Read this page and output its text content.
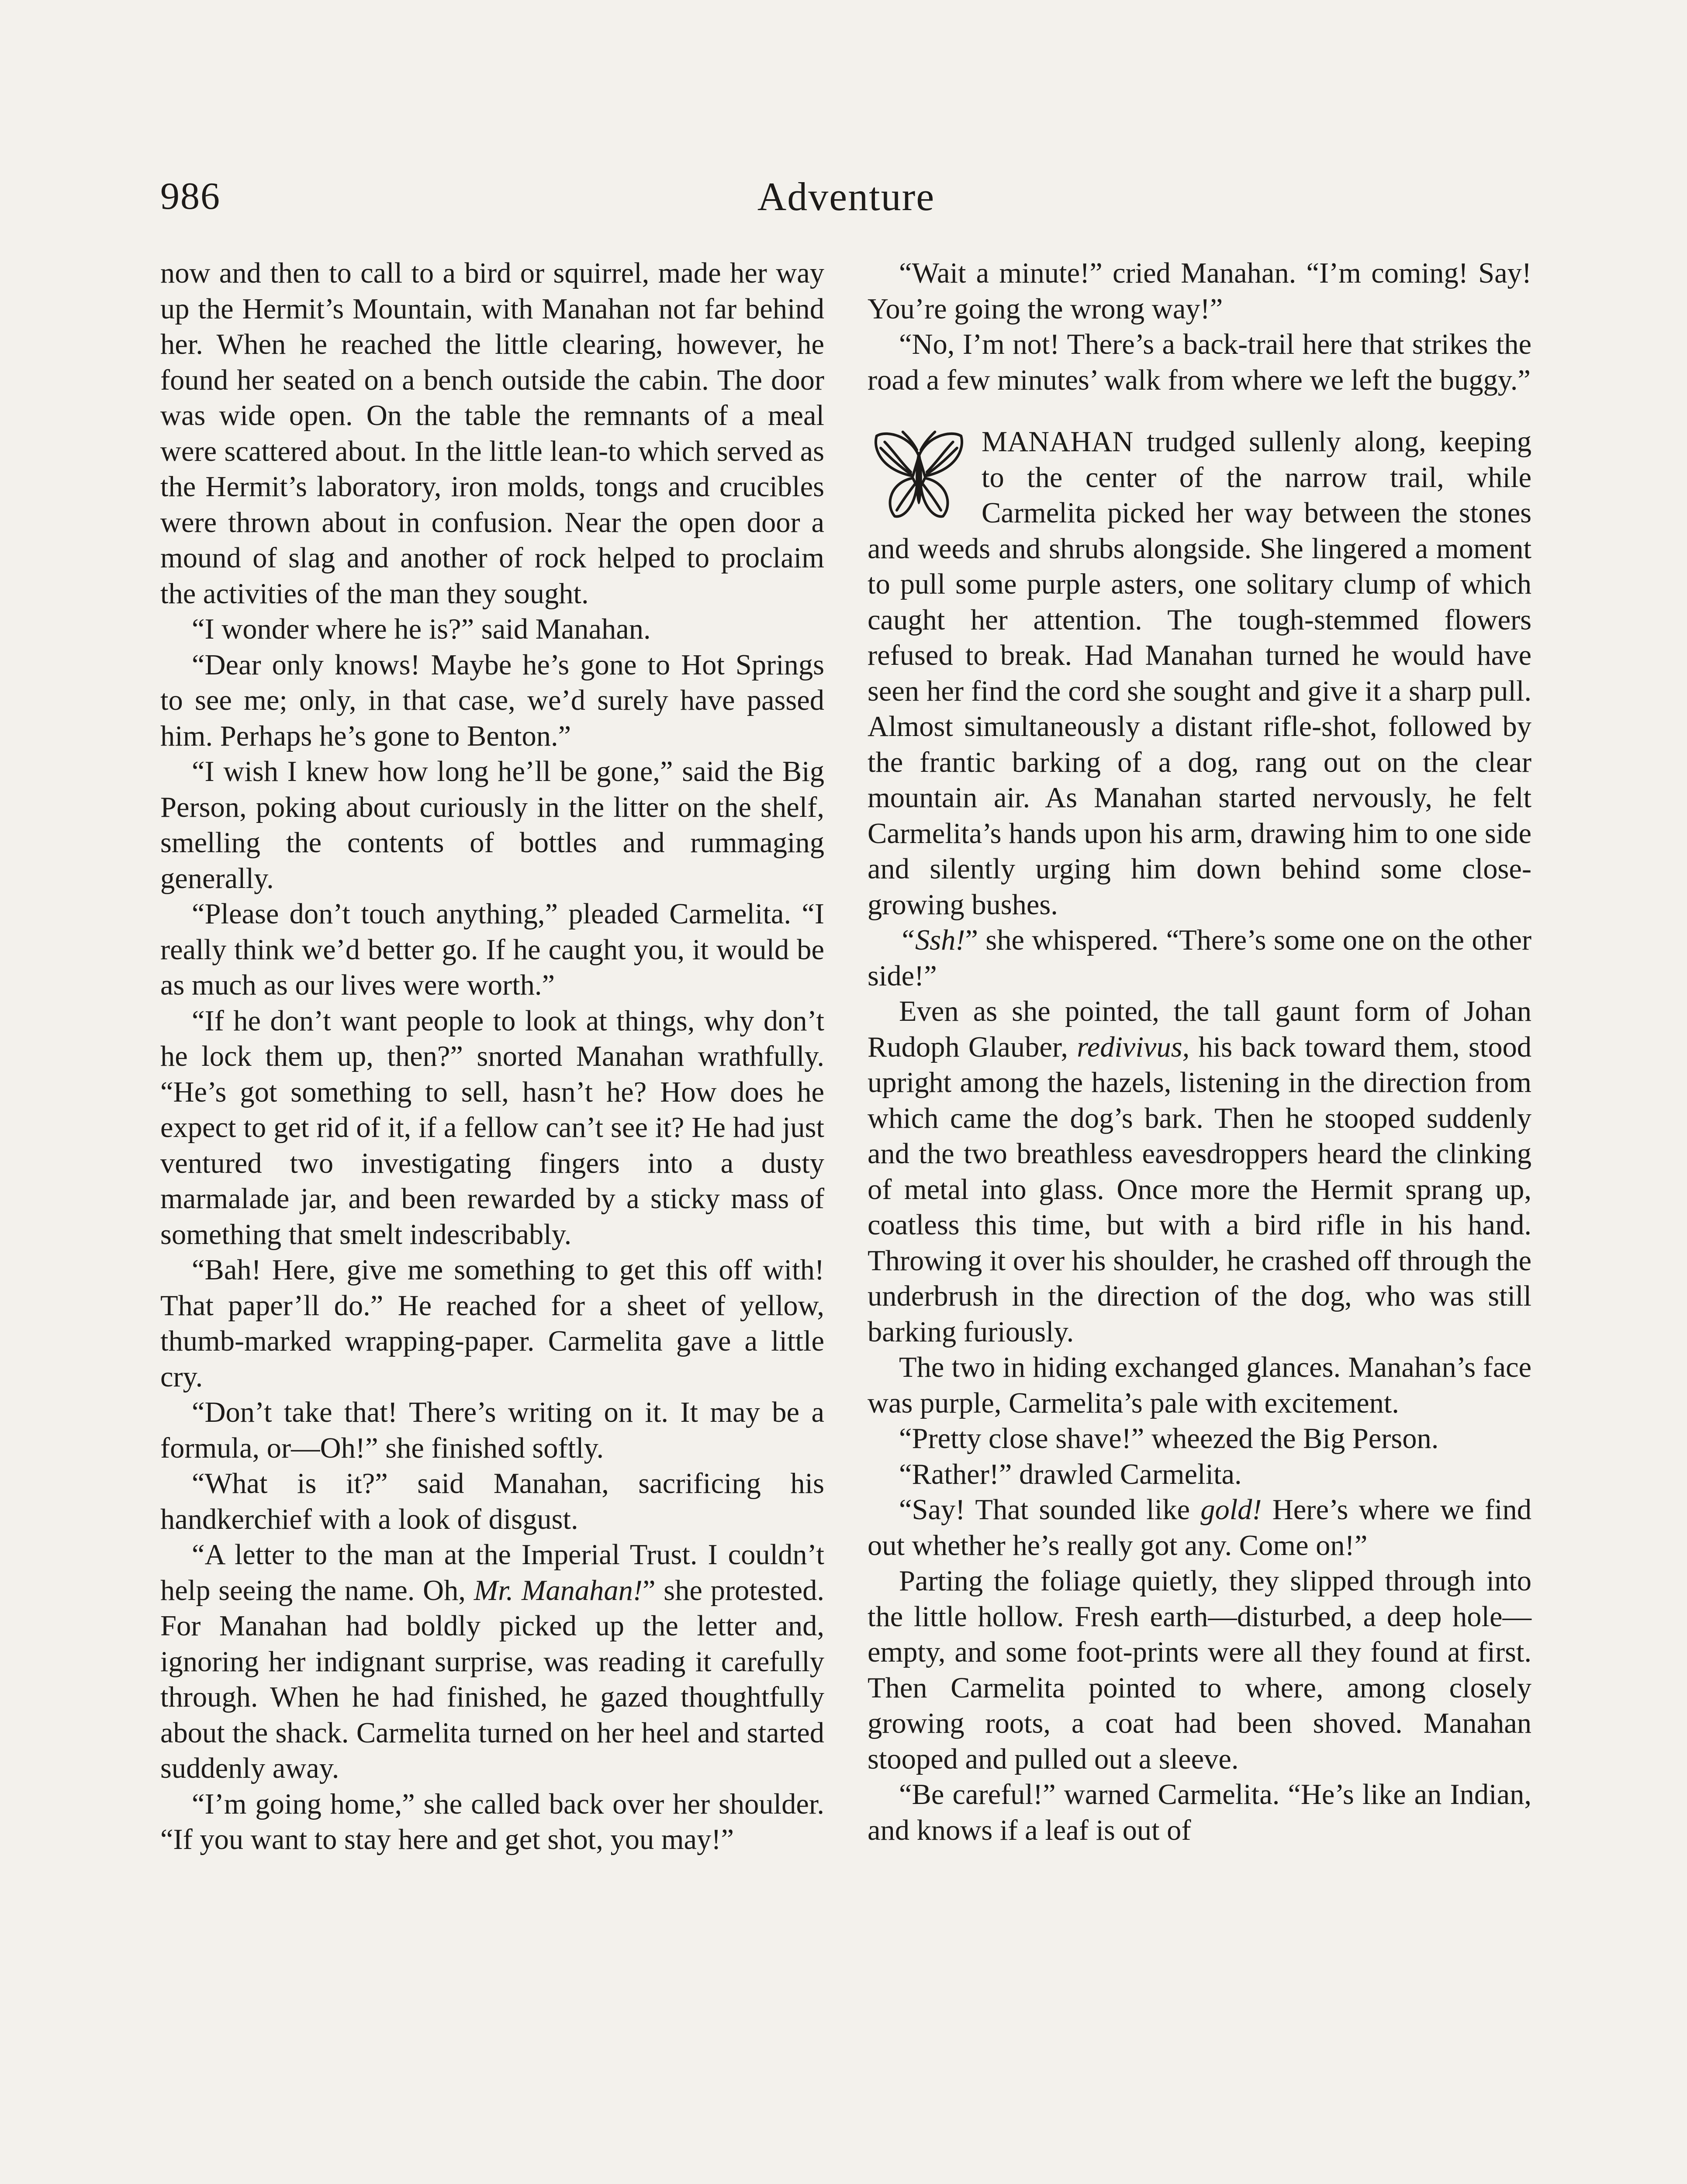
986	Adventure

now and then to call to a bird or squirrel, made her way up the Hermit’s Mountain, with Manahan not far behind her. When he reached the little clearing, however, he found her seated on a bench outside the cabin. The door was wide open. On the table the remnants of a meal were scattered about. In the little lean-to which served as the Hermit’s laboratory, iron molds, tongs and crucibles were thrown about in confusion. Near the open door a mound of slag and another of rock helped to proclaim the activities of the man they sought.

“I wonder where he is?” said Manahan.

“Dear only knows! Maybe he’s gone to Hot Springs to see me; only, in that case, we’d surely have passed him. Perhaps he’s gone to Benton.”

“I wish I knew how long he’ll be gone,” said the Big Person, poking about curiously in the litter on the shelf, smelling the contents of bottles and rummaging generally.

“Please don’t touch anything,” pleaded Carmelita. “I really think we’d better go. If he caught you, it would be as much as our lives were worth.”

“If he don’t want people to look at things, why don’t he lock them up, then?” snorted Manahan wrathfully. “He’s got something to sell, hasn’t he? How does he expect to get rid of it, if a fellow can’t see it? He had just ventured two investigating fingers into a dusty marmalade jar, and been rewarded by a sticky mass of something that smelt indescribably.

“Bah! Here, give me something to get this off with! That paper’ll do.” He reached for a sheet of yellow, thumb-marked wrapping-paper. Carmelita gave a little cry.

“Don’t take that! There’s writing on it. It may be a formula, or—Oh!” she finished softly.

“What is it?” said Manahan, sacrificing his handkerchief with a look of disgust.

“A letter to the man at the Imperial Trust. I couldn’t help seeing the name. Oh, Mr. Manahan!” she protested. For Manahan had boldly picked up the letter and, ignoring her indignant surprise, was reading it carefully through. When he had finished, he gazed thoughtfully about the shack. Carmelita turned on her heel and started suddenly away.

“I’m going home,” she called back over her shoulder. “If you want to stay here and get shot, you may!”

“Wait a minute!” cried Manahan. “I’m coming! Say! You’re going the wrong way!”

“No, I’m not! There’s a back-trail here that strikes the road a few minutes’ walk from where we left the buggy.”

MANAHAN trudged sullenly along, keeping to the center of the narrow trail, while Carmelita picked her way between the stones and weeds and shrubs alongside. She lingered a moment to pull some purple asters, one solitary clump of which caught her attention. The tough-stemmed flowers refused to break. Had Manahan turned he would have seen her find the cord she sought and give it a sharp pull. Almost simultaneously a distant rifle-shot, followed by the frantic barking of a dog, rang out on the clear mountain air. As Manahan started nervously, he felt Carmelita’s hands upon his arm, drawing him to one side and silently urging him down behind some close-growing bushes.

“Ssh!” she whispered. “There’s some one on the other side!”

Even as she pointed, the tall gaunt form of Johan Rudoph Glauber, redivivus, his back toward them, stood upright among the hazels, listening in the direction from which came the dog’s bark. Then he stooped suddenly and the two breathless eavesdroppers heard the clinking of metal into glass. Once more the Hermit sprang up, coatless this time, but with a bird rifle in his hand. Throwing it over his shoulder, he crashed off through the underbrush in the direction of the dog, who was still barking furiously.

The two in hiding exchanged glances. Manahan’s face was purple, Carmelita’s pale with excitement.

“Pretty close shave!” wheezed the Big Person.

“Rather!” drawled Carmelita.

“Say! That sounded like gold! Here’s where we find out whether he’s really got any. Come on!”

Parting the foliage quietly, they slipped through into the little hollow. Fresh earth—disturbed, a deep hole—empty, and some foot-prints were all they found at first. Then Carmelita pointed to where, among closely growing roots, a coat had been shoved. Manahan stooped and pulled out a sleeve.

“Be careful!” warned Carmelita. “He’s like an Indian, and knows if a leaf is out of
